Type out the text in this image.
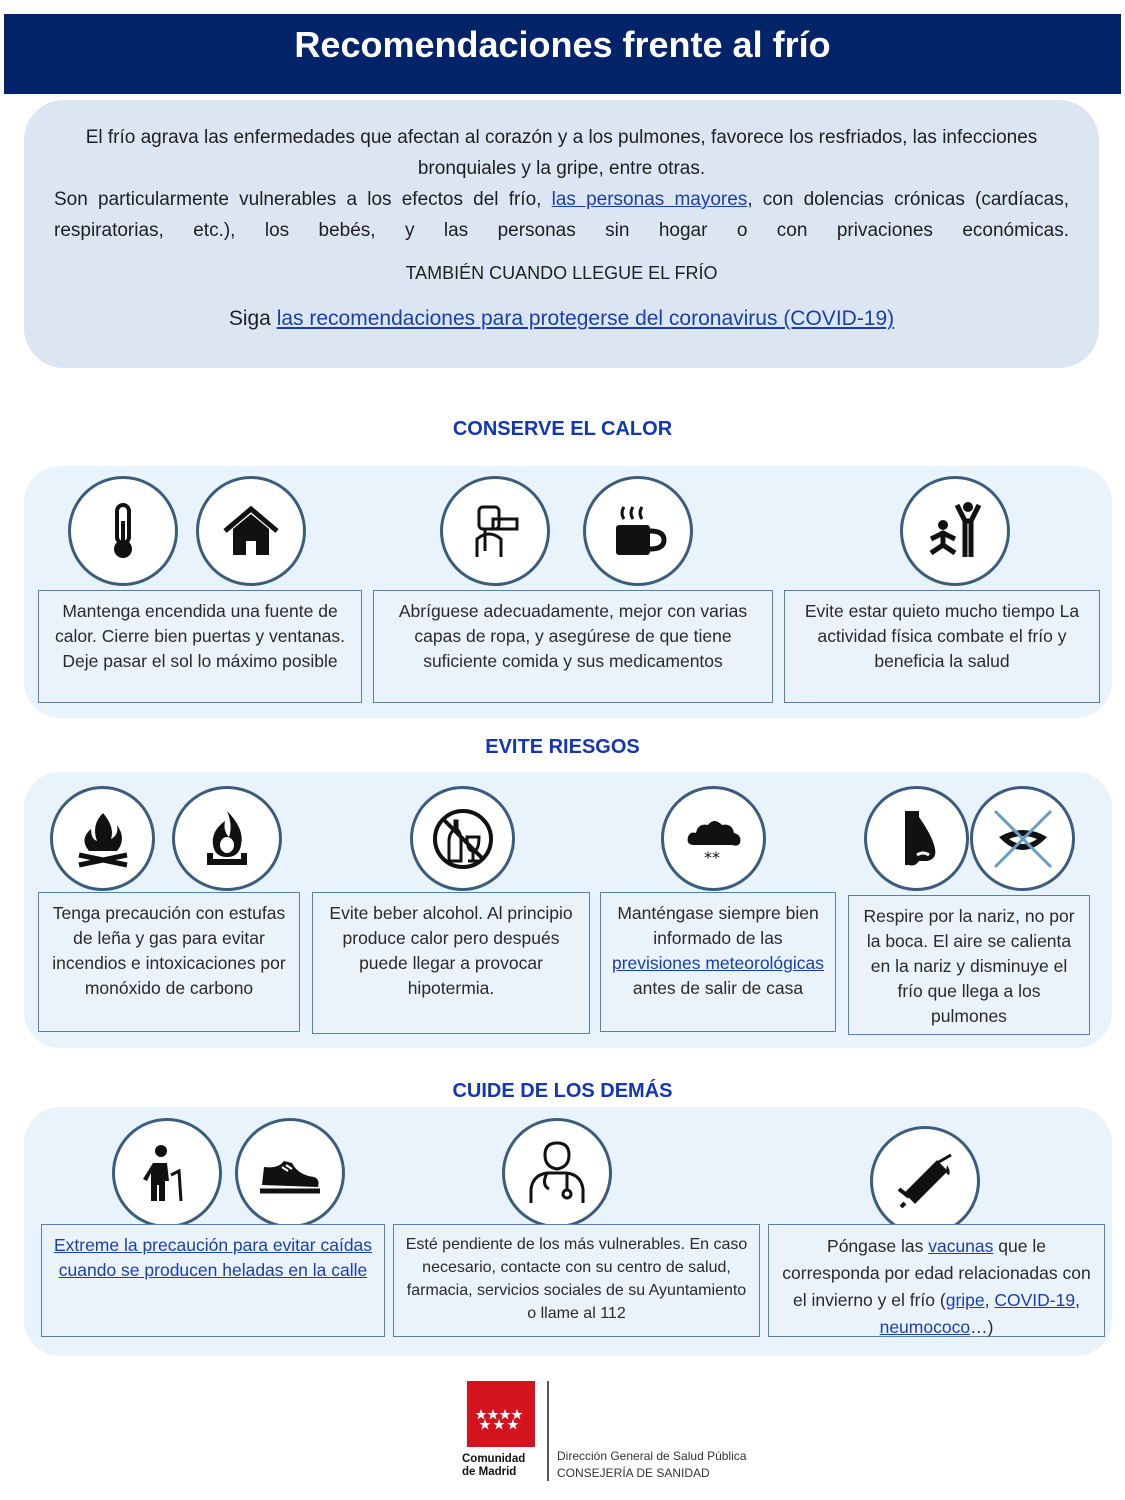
Recomendaciones frente al frío

El frío agrava las enfermedades que afectan al corazón y a los pulmones, favorece los resfriados, las infecciones bronquiales y la gripe, entre otras.

Son particularmente vulnerables a los efectos del frío, las personas mayores, con dolencias crónicas (cardíacas, respiratorias, etc.), los bebés, y las personas sin hogar o con privaciones económicas.

TAMBIÉN CUANDO LLEGUE EL FRÍO

Siga las recomendaciones para protegerse del coronavirus (COVID-19)

CONSERVE EL CALOR
Mantenga encendida una fuente de calor. Cierre bien puertas y ventanas. Deje pasar el sol lo máximo posible
Abríguese adecuadamente, mejor con varias capas de ropa, y asegúrese de que tiene suficiente comida y sus medicamentos
Evite estar quieto mucho tiempo La actividad física combate el frío y beneficia la salud
EVITE RIESGOS
**
Tenga precaución con estufas de leña y gas para evitar incendios e intoxicaciones por monóxido de carbono
Evite beber alcohol. Al principio produce calor pero después puede llegar a provocar hipotermia.
Manténgase siempre bien informado de las previsiones meteorológicas antes de salir de casa
Respire por la nariz, no por la boca. El aire se calienta en la nariz y disminuye el frío que llega a los pulmones
CUIDE DE LOS DEMÁS
Extreme la precaución para evitar caídas cuando se producen heladas en la calle
Esté pendiente de los más vulnerables. En caso necesario, contacte con su centro de salud, farmacia, servicios sociales de su Ayuntamiento o llame al 112
Póngase las vacunas que le corresponda por edad relacionadas con el invierno y el frío (gripe, COVID-19, neumococo…)
Comunidad
de Madrid
Dirección General de Salud Pública
CONSEJERÍA DE SANIDAD
